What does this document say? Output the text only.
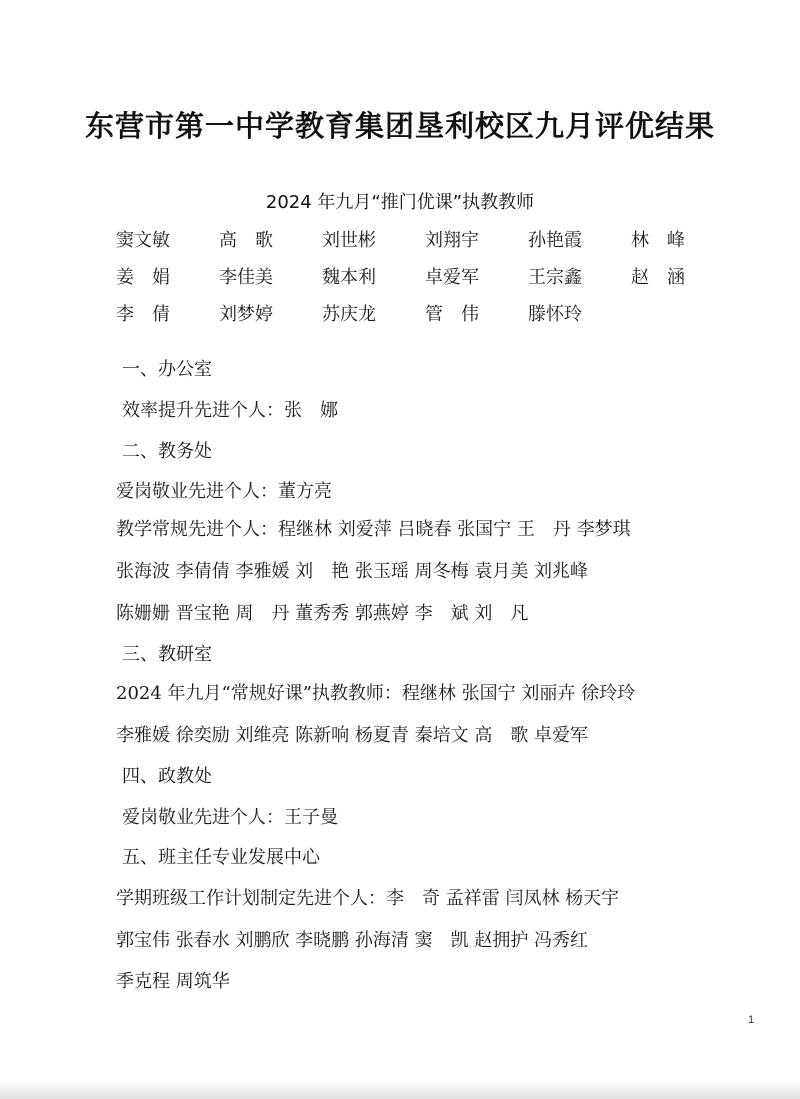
东营市第一中学教育集团垦利校区九月评优结果
2024 年九月“推门优课”执教教师
窦文敏	高　歌	刘世彬	刘翔宇	孙艳霞	林　峰
姜　娟	李佳美	魏本利	卓爱军	王宗鑫	赵　涵
李　倩	刘梦婷	苏庆龙	管　伟	滕怀玲
一、办公室
效率提升先进个人：张　娜
二、教务处
爱岗敬业先进个人：董方亮
教学常规先进个人：程继林 刘爱萍 吕晓春 张国宁 王　丹 李梦琪
张海波 李倩倩 李雅媛 刘　艳 张玉瑶 周冬梅 袁月美 刘兆峰
陈姗姗 晋宝艳 周　丹 董秀秀 郭燕婷 李　斌 刘　凡
三、教研室
2024 年九月“常规好课”执教教师：程继林 张国宁 刘丽卉 徐玲玲
李雅媛 徐奕励 刘维亮 陈新响 杨夏青 秦培文 高　歌 卓爱军
四、政教处
爱岗敬业先进个人：王子曼
五、班主任专业发展中心
学期班级工作计划制定先进个人：李　奇 孟祥雷 闫凤林 杨天宇
郭宝伟 张春水 刘鹏欣 李晓鹏 孙海清 窦　凯 赵拥护 冯秀红
季克程 周筑华
1
